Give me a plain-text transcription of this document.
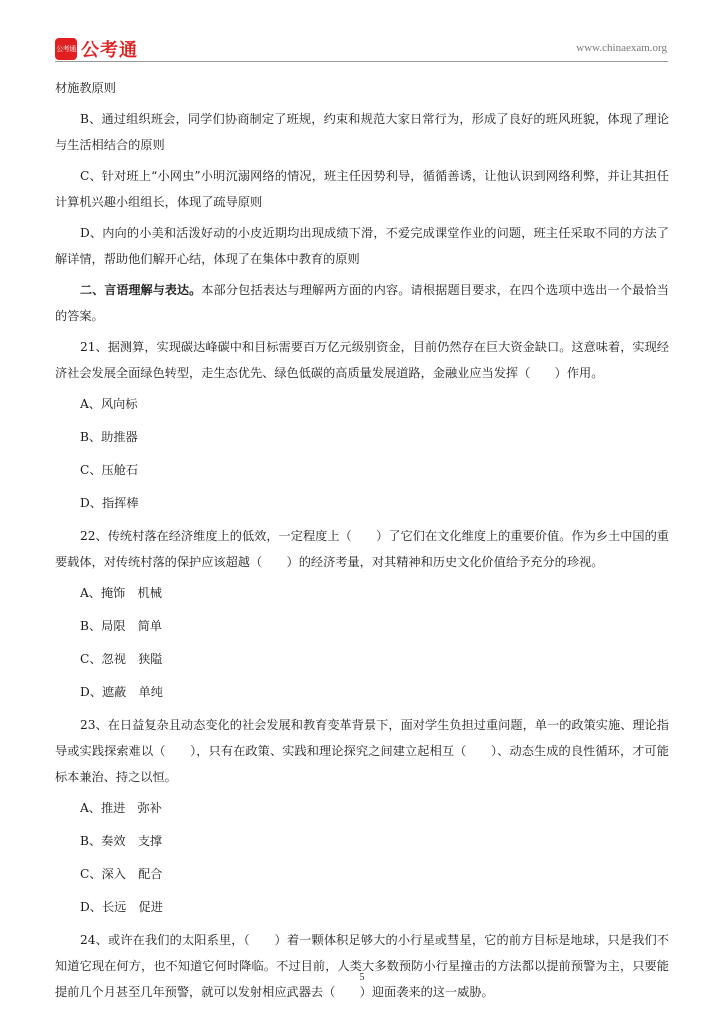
公考通 公考通	www.chinaexam.org

材施教原则

B、通过组织班会，同学们协商制定了班规，约束和规范大家日常行为，形成了良好的班风班貌，体现了理论与生活相结合的原则

C、针对班上“小网虫”小明沉溺网络的情况，班主任因势利导，循循善诱，让他认识到网络利弊，并让其担任计算机兴趣小组组长，体现了疏导原则

D、内向的小美和活泼好动的小皮近期均出现成绩下滑，不爱完成课堂作业的问题，班主任采取不同的方法了解详情，帮助他们解开心结，体现了在集体中教育的原则

二、言语理解与表达。本部分包括表达与理解两方面的内容。请根据题目要求，在四个选项中选出一个最恰当的答案。

21、据测算，实现碳达峰碳中和目标需要百万亿元级别资金，目前仍然存在巨大资金缺口。这意味着，实现经济社会发展全面绿色转型，走生态优先、绿色低碳的高质量发展道路，金融业应当发挥（　　）作用。

A、风向标

B、助推器

C、压舱石

D、指挥棒

22、传统村落在经济维度上的低效，一定程度上（　　）了它们在文化维度上的重要价值。作为乡土中国的重要载体，对传统村落的保护应该超越（　　）的经济考量，对其精神和历史文化价值给予充分的珍视。

A、掩饰　机械

B、局限　简单

C、忽视　狭隘

D、遮蔽　单纯

23、在日益复杂且动态变化的社会发展和教育变革背景下，面对学生负担过重问题，单一的政策实施、理论指导或实践探索难以（　　），只有在政策、实践和理论探究之间建立起相互（　　）、动态生成的良性循环，才可能标本兼治、持之以恒。

A、推进　弥补

B、奏效　支撑

C、深入　配合

D、长远　促进

24、或许在我们的太阳系里，（　　）着一颗体积足够大的小行星或彗星，它的前方目标是地球，只是我们不知道它现在何方，也不知道它何时降临。不过目前，人类大多数预防小行星撞击的方法都以提前预警为主，只要能提前几个月甚至几年预警，就可以发射相应武器去（　　）迎面袭来的这一威胁。

5
